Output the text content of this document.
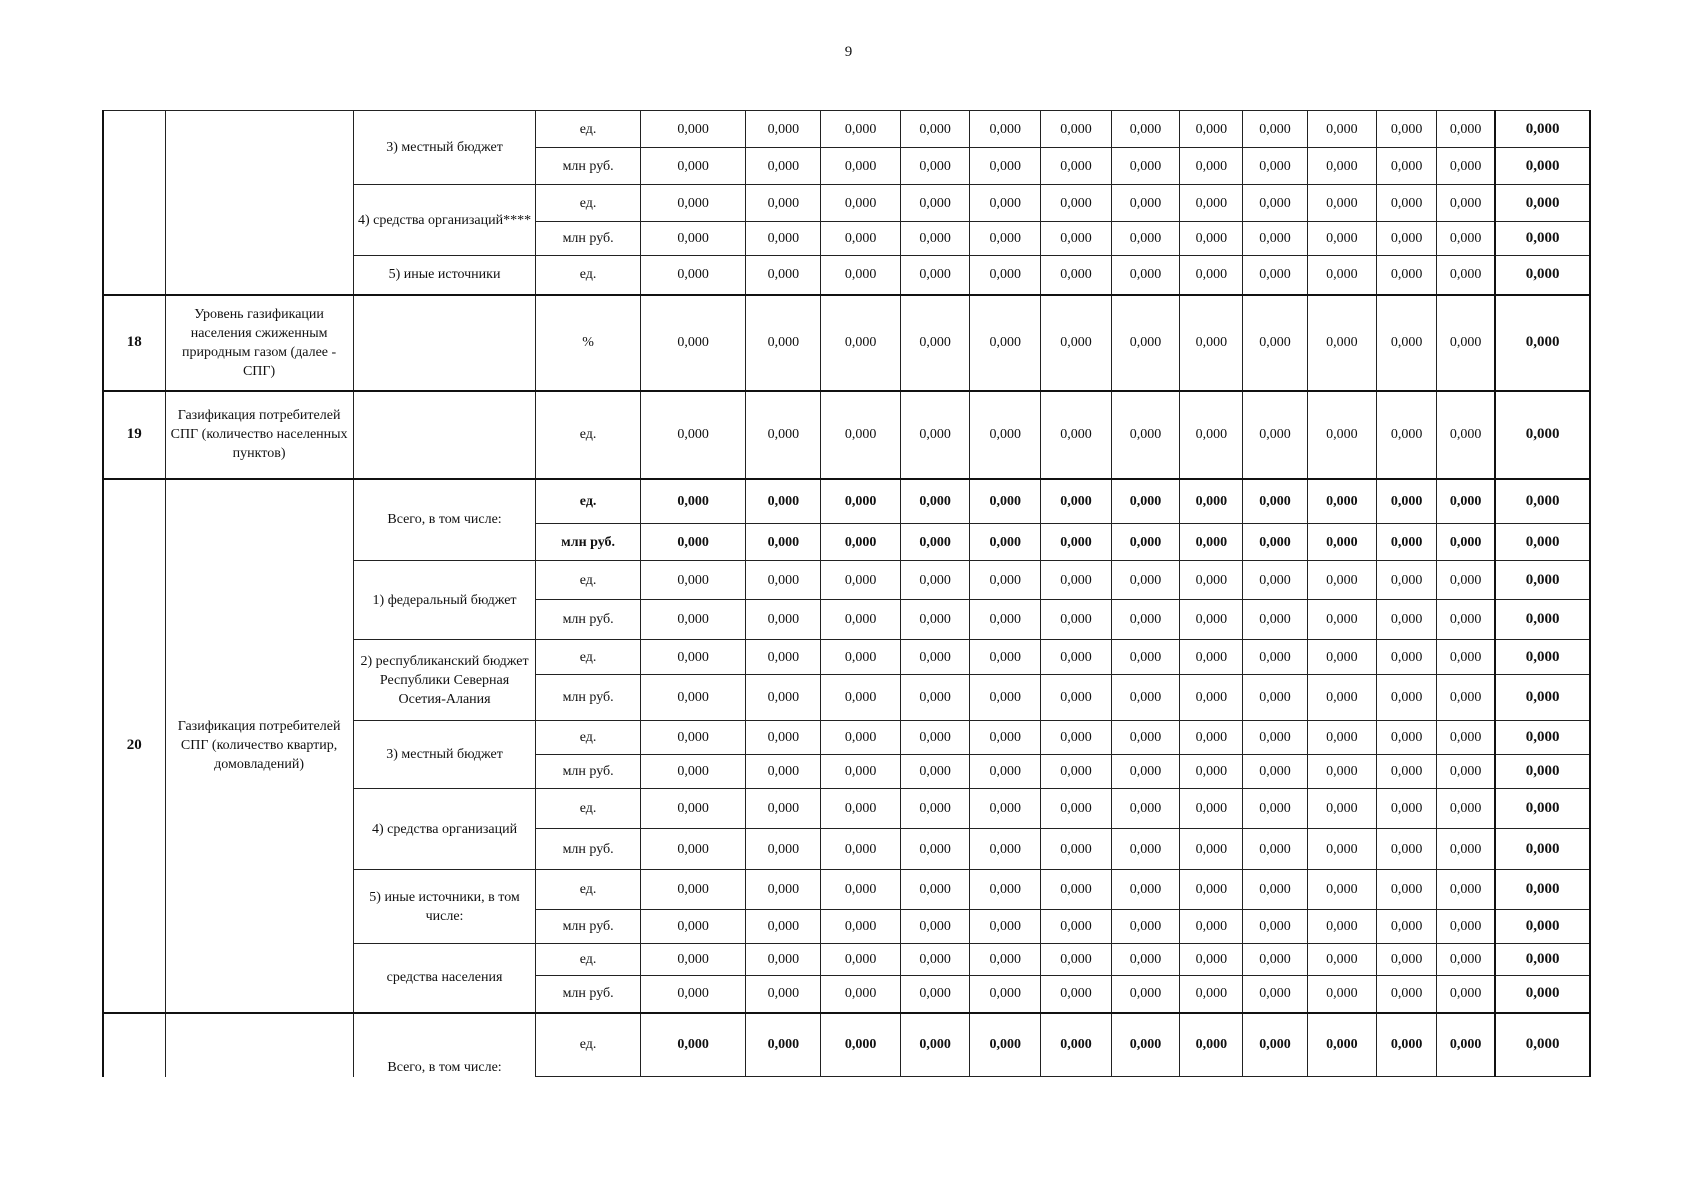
9
		3) местный бюджет	ед.	0,000	0,000	0,000	0,000	0,000	0,000	0,000	0,000	0,000	0,000	0,000	0,000	0,000
			млн руб.	0,000	0,000	0,000	0,000	0,000	0,000	0,000	0,000	0,000	0,000	0,000	0,000	0,000
		4) средства организаций****	ед.	0,000	0,000	0,000	0,000	0,000	0,000	0,000	0,000	0,000	0,000	0,000	0,000	0,000
			млн руб.	0,000	0,000	0,000	0,000	0,000	0,000	0,000	0,000	0,000	0,000	0,000	0,000	0,000
		5) иные источники	ед.	0,000	0,000	0,000	0,000	0,000	0,000	0,000	0,000	0,000	0,000	0,000	0,000	0,000
18	Уровень газификации населения сжиженным природным газом (далее - СПГ)		%	0,000	0,000	0,000	0,000	0,000	0,000	0,000	0,000	0,000	0,000	0,000	0,000	0,000
19	Газификация потребителей СПГ (количество населенных пунктов)		ед.	0,000	0,000	0,000	0,000	0,000	0,000	0,000	0,000	0,000	0,000	0,000	0,000	0,000
20	Газификация потребителей СПГ (количество квартир, домовладений)	Всего, в том числе:	ед.	0,000	0,000	0,000	0,000	0,000	0,000	0,000	0,000	0,000	0,000	0,000	0,000	0,000
			млн руб.	0,000	0,000	0,000	0,000	0,000	0,000	0,000	0,000	0,000	0,000	0,000	0,000	0,000
		1) федеральный бюджет	ед.	0,000	0,000	0,000	0,000	0,000	0,000	0,000	0,000	0,000	0,000	0,000	0,000	0,000
			млн руб.	0,000	0,000	0,000	0,000	0,000	0,000	0,000	0,000	0,000	0,000	0,000	0,000	0,000
		2) республиканский бюджет Республики Северная Осетия-Алания	ед.	0,000	0,000	0,000	0,000	0,000	0,000	0,000	0,000	0,000	0,000	0,000	0,000	0,000
			млн руб.	0,000	0,000	0,000	0,000	0,000	0,000	0,000	0,000	0,000	0,000	0,000	0,000	0,000
		3) местный бюджет	ед.	0,000	0,000	0,000	0,000	0,000	0,000	0,000	0,000	0,000	0,000	0,000	0,000	0,000
			млн руб.	0,000	0,000	0,000	0,000	0,000	0,000	0,000	0,000	0,000	0,000	0,000	0,000	0,000
		4) средства организаций	ед.	0,000	0,000	0,000	0,000	0,000	0,000	0,000	0,000	0,000	0,000	0,000	0,000	0,000
			млн руб.	0,000	0,000	0,000	0,000	0,000	0,000	0,000	0,000	0,000	0,000	0,000	0,000	0,000
		5) иные источники, в том числе:	ед.	0,000	0,000	0,000	0,000	0,000	0,000	0,000	0,000	0,000	0,000	0,000	0,000	0,000
			млн руб.	0,000	0,000	0,000	0,000	0,000	0,000	0,000	0,000	0,000	0,000	0,000	0,000	0,000
		средства населения	ед.	0,000	0,000	0,000	0,000	0,000	0,000	0,000	0,000	0,000	0,000	0,000	0,000	0,000
			млн руб.	0,000	0,000	0,000	0,000	0,000	0,000	0,000	0,000	0,000	0,000	0,000	0,000	0,000
		Всего, в том числе:	ед.	0,000	0,000	0,000	0,000	0,000	0,000	0,000	0,000	0,000	0,000	0,000	0,000	0,000
